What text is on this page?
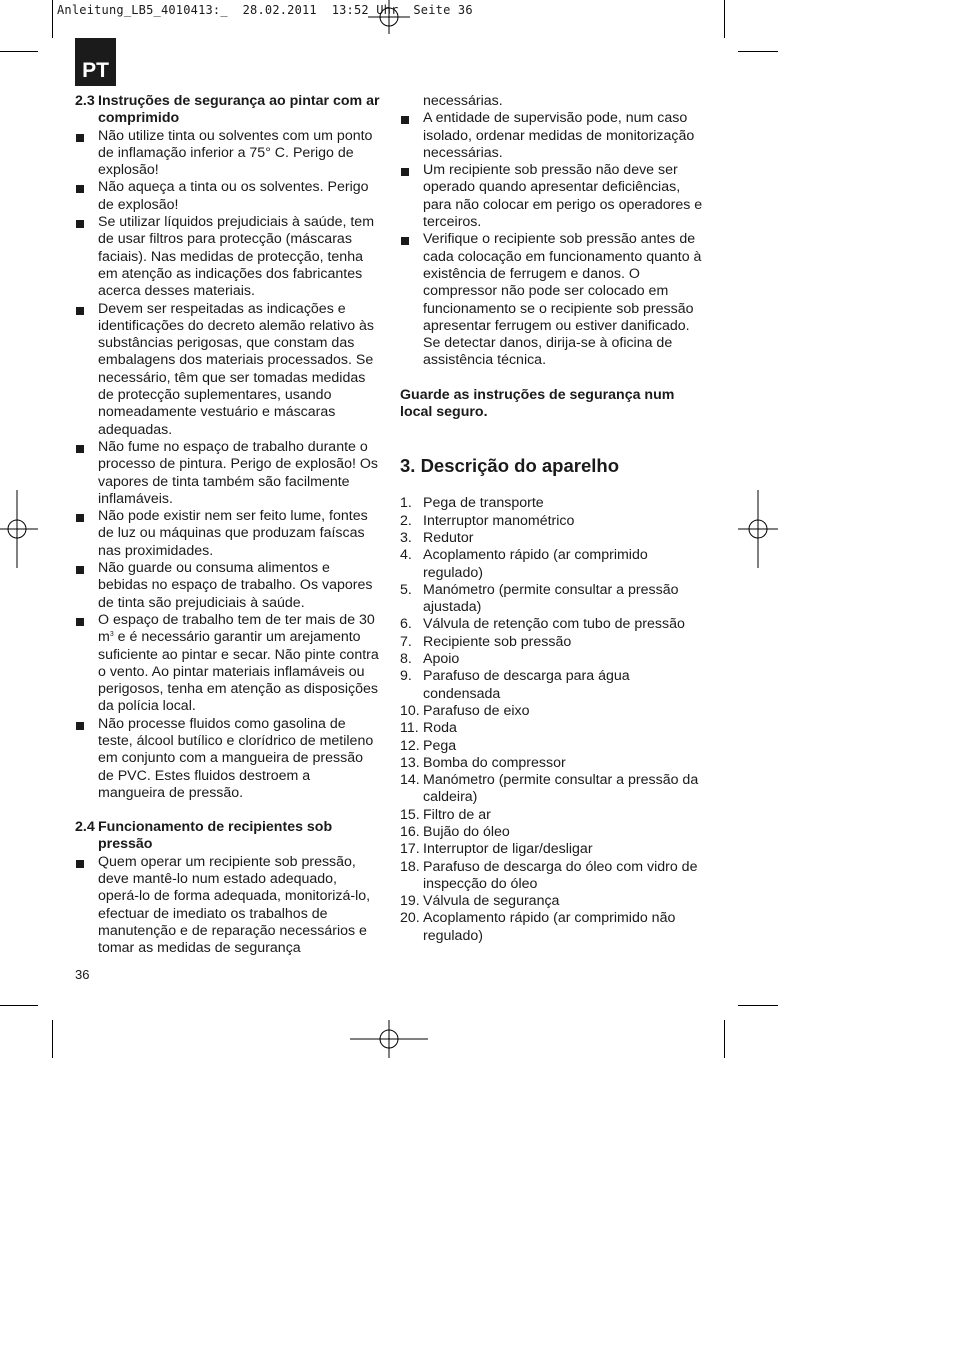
Anleitung_LB5_4010413:_  28.02.2011  13:52 Uhr  Seite 36
PT

2.3 Instruções de segurança ao pintar com ar comprimido

Não utilize tinta ou solventes com um ponto de inflamação inferior a 75° C. Perigo de explosão!
Não aqueça a tinta ou os solventes. Perigo de explosão!
Se utilizar líquidos prejudiciais à saúde, tem de usar filtros para protecção (máscaras faciais). Nas medidas de protecção, tenha em atenção as indicações dos fabricantes acerca desses materiais.
Devem ser respeitadas as indicações e identificações do decreto alemão relativo às substâncias perigosas, que constam das embalagens dos materiais processados. Se necessário, têm que ser tomadas medidas de protecção suplementares, usando nomeadamente vestuário e máscaras adequadas.
Não fume no espaço de trabalho durante o processo de pintura. Perigo de explosão! Os vapores de tinta também são facilmente inflamáveis.
Não pode existir nem ser feito lume, fontes de luz ou máquinas que produzam faíscas nas proximidades.
Não guarde ou consuma alimentos e bebidas no espaço de trabalho. Os vapores de tinta são prejudiciais à saúde.
O espaço de trabalho tem de ter mais de 30 $m^3$ e é necessário garantir um arejamento suficiente ao pintar e secar. Não pinte contra o vento. Ao pintar materiais inflamáveis ou perigosos, tenha em atenção as disposições da polícia local.
Não processe fluidos como gasolina de teste, álcool butílico e clorídrico de metileno em conjunto com a mangueira de pressão de PVC. Estes fluidos destroem a mangueira de pressão.

2.4 Funcionamento de recipientes sob pressão

Quem operar um recipiente sob pressão, deve mantê-lo num estado adequado, operá-lo de forma adequada, monitorizá-lo, efectuar de imediato os trabalhos de manutenção e de reparação necessários e tomar as medidas de segurança

necessárias.

A entidade de supervisão pode, num caso isolado, ordenar medidas de monitorização necessárias.
Um recipiente sob pressão não deve ser operado quando apresentar deficiências, para não colocar em perigo os operadores e terceiros.
Verifique o recipiente sob pressão antes de cada colocação em funcionamento quanto à existência de ferrugem e danos. O compressor não pode ser colocado em funcionamento se o recipiente sob pressão apresentar ferrugem ou estiver danificado. Se detectar danos, dirija-se à oficina de assistência técnica.

Guarde as instruções de segurança num local seguro.

3. Descrição do aparelho

1. Pega de transporte
2. Interruptor manométrico
3. Redutor
4. Acoplamento rápido (ar comprimido regulado)
5. Manómetro (permite consultar a pressão ajustada)
6. Válvula de retenção com tubo de pressão
7. Recipiente sob pressão
8. Apoio
9. Parafuso de descarga para água condensada
10. Parafuso de eixo
11. Roda
12. Pega
13. Bomba do compressor
14. Manómetro (permite consultar a pressão da caldeira)
15. Filtro de ar
16. Bujão do óleo
17. Interruptor de ligar/desligar
18. Parafuso de descarga do óleo com vidro de inspecção do óleo
19. Válvula de segurança
20. Acoplamento rápido (ar comprimido não regulado)
36
